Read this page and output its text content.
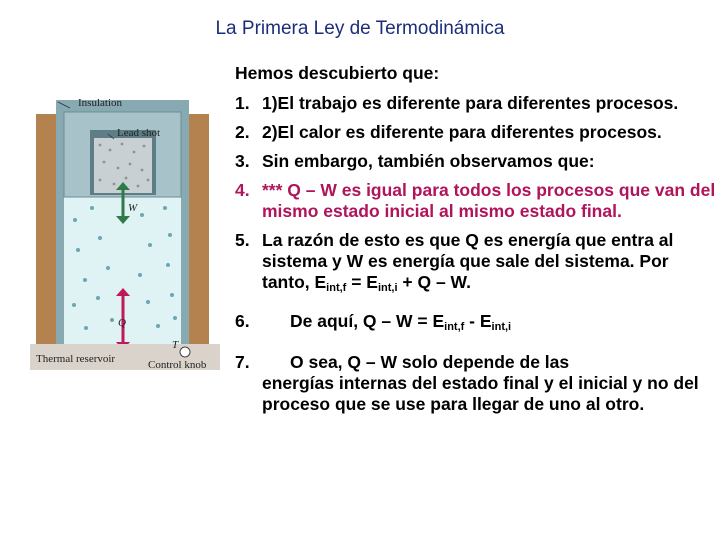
La Primera Ley de Termodinámica
Insulation
Lead shot
W
Q
Thermal reservoir
T
Control knob
Hemos descubierto que:
1. 1)El trabajo es diferente para diferentes procesos.
2. 2)El calor es diferente para diferentes procesos.
3. Sin embargo, también observamos que:
4. *** Q – W es igual para todos los procesos que van del mismo estado inicial al mismo estado final.
5. La razón de esto es que Q es energía que entra al sistema y W es energía que sale del sistema. Por tanto, $E_{int,f} = E_{int,i} + Q - W$.
6. De aquí, $Q - W = E_{int,f} - E_{int,i}$
7. O sea, Q – W solo depende de las
energías internas del estado final y el inicial y no del proceso que se use para llegar de uno al otro.
